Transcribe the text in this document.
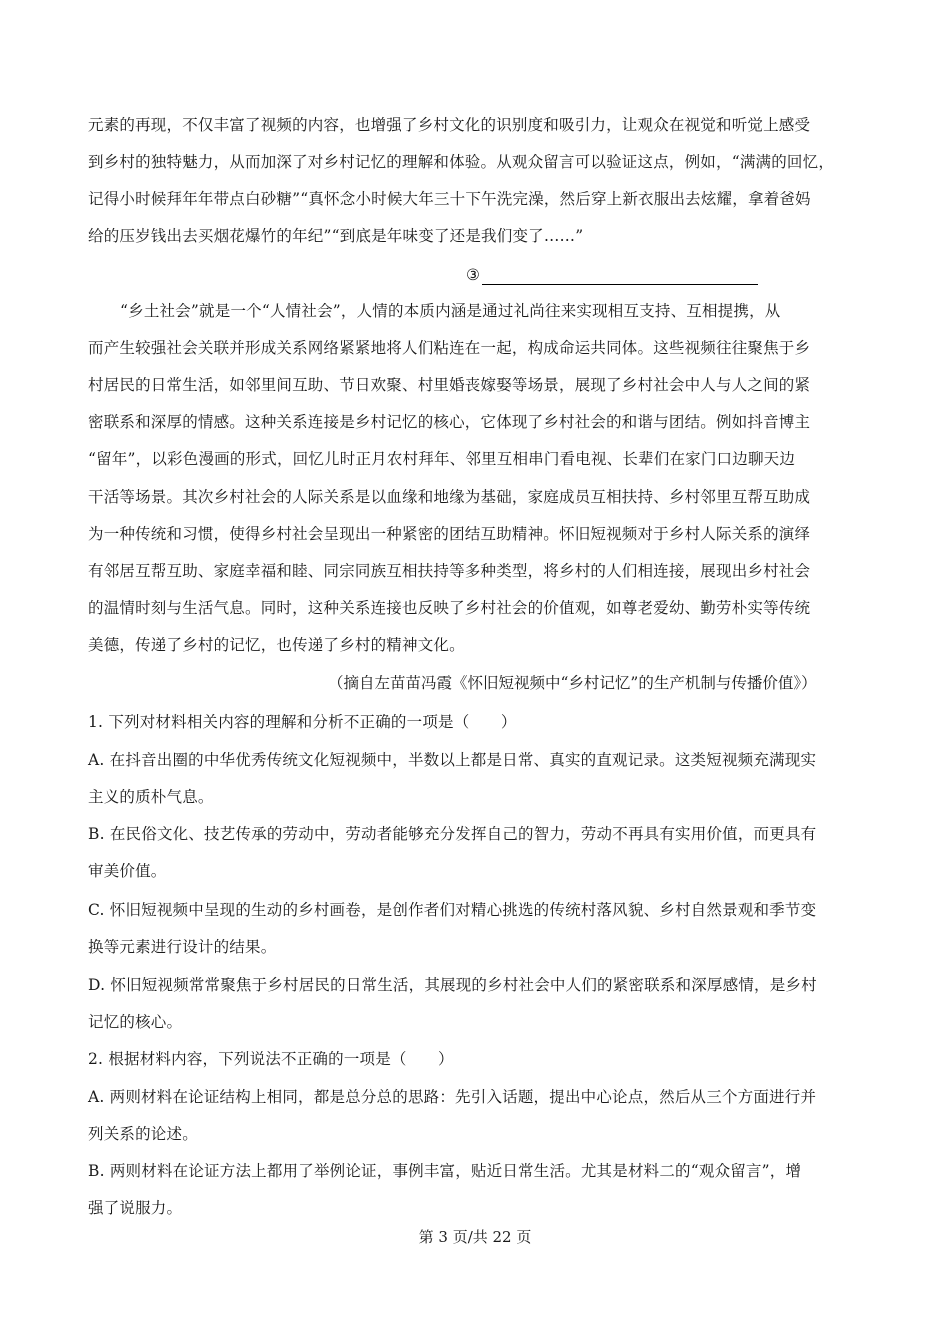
元素的再现，不仅丰富了视频的内容，也增强了乡村文化的识别度和吸引力，让观众在视觉和听觉上感受
到乡村的独特魅力，从而加深了对乡村记忆的理解和体验。从观众留言可以验证这点，例如，“满满的回忆，
记得小时候拜年年带点白砂糖”“真怀念小时候大年三十下午洗完澡，然后穿上新衣服出去炫耀，拿着爸妈
给的压岁钱出去买烟花爆竹的年纪”“到底是年味变了还是我们变了……”
③
“乡土社会”就是一个“人情社会”，人情的本质内涵是通过礼尚往来实现相互支持、互相提携，从
而产生较强社会关联并形成关系网络紧紧地将人们粘连在一起，构成命运共同体。这些视频往往聚焦于乡
村居民的日常生活，如邻里间互助、节日欢聚、村里婚丧嫁娶等场景，展现了乡村社会中人与人之间的紧
密联系和深厚的情感。这种关系连接是乡村记忆的核心，它体现了乡村社会的和谐与团结。例如抖音博主
“留年”，以彩色漫画的形式，回忆儿时正月农村拜年、邻里互相串门看电视、长辈们在家门口边聊天边
干活等场景。其次乡村社会的人际关系是以血缘和地缘为基础，家庭成员互相扶持、乡村邻里互帮互助成
为一种传统和习惯，使得乡村社会呈现出一种紧密的团结互助精神。怀旧短视频对于乡村人际关系的演绎
有邻居互帮互助、家庭幸福和睦、同宗同族互相扶持等多种类型，将乡村的人们相连接，展现出乡村社会
的温情时刻与生活气息。同时，这种关系连接也反映了乡村社会的价值观，如尊老爱幼、勤劳朴实等传统
美德，传递了乡村的记忆，也传递了乡村的精神文化。
（摘自左苗苗冯霞《怀旧短视频中“乡村记忆”的生产机制与传播价值》）
1. 下列对材料相关内容的理解和分析不正确的一项是（　　）
A. 在抖音出圈的中华优秀传统文化短视频中，半数以上都是日常、真实的直观记录。这类短视频充满现实
主义的质朴气息。
B. 在民俗文化、技艺传承的劳动中，劳动者能够充分发挥自己的智力，劳动不再具有实用价值，而更具有
审美价值。
C. 怀旧短视频中呈现的生动的乡村画卷，是创作者们对精心挑选的传统村落风貌、乡村自然景观和季节变
换等元素进行设计的结果。
D. 怀旧短视频常常聚焦于乡村居民的日常生活，其展现的乡村社会中人们的紧密联系和深厚感情，是乡村
记忆的核心。
2. 根据材料内容，下列说法不正确的一项是（　　）
A. 两则材料在论证结构上相同，都是总分总的思路：先引入话题，提出中心论点，然后从三个方面进行并
列关系的论述。
B. 两则材料在论证方法上都用了举例论证，事例丰富，贴近日常生活。尤其是材料二的“观众留言”，增
强了说服力。
第 3 页/共 22 页
